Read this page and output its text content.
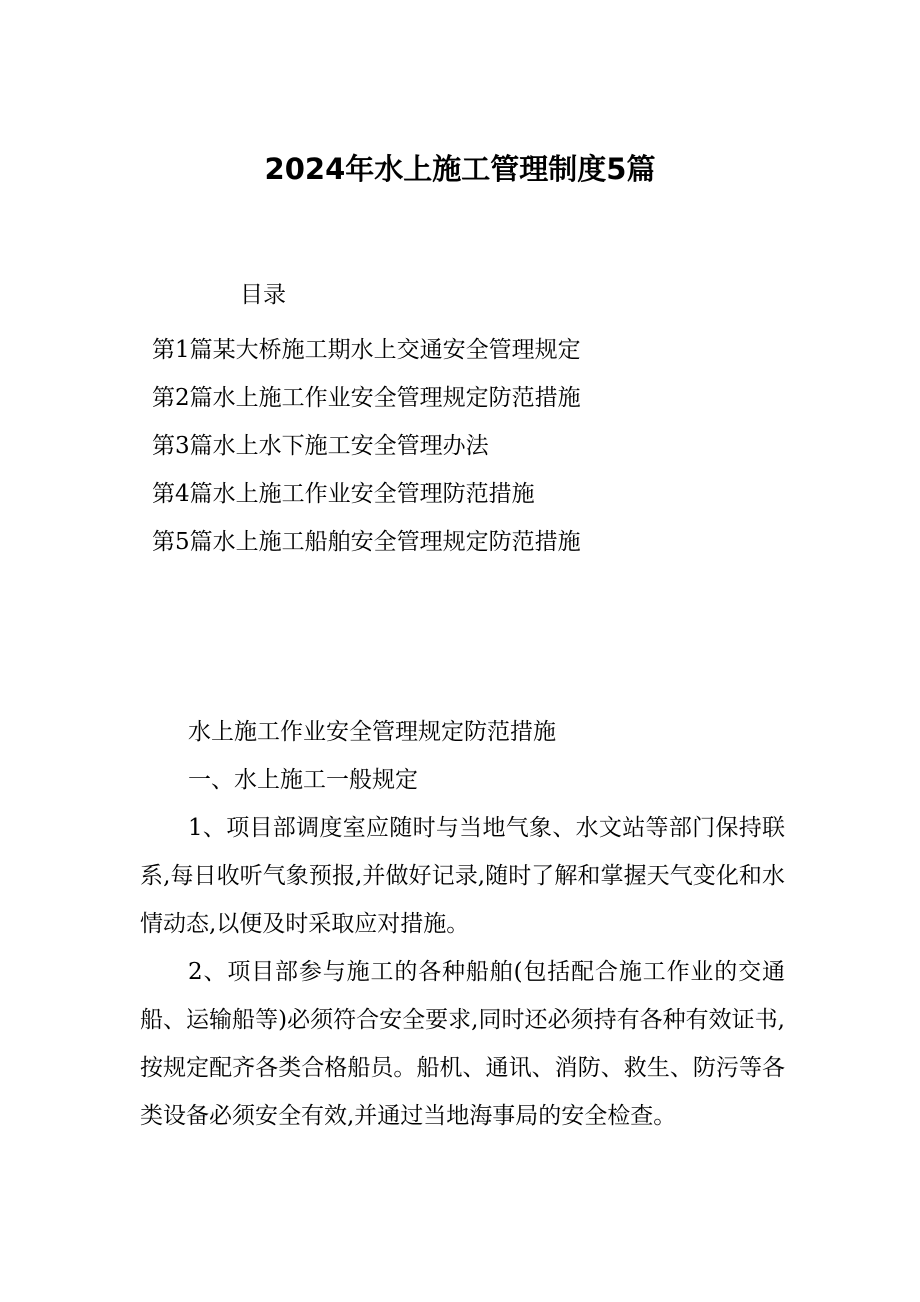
2024年水上施工管理制度5篇
目录
第1篇某大桥施工期水上交通安全管理规定
第2篇水上施工作业安全管理规定防范措施
第3篇水上水下施工安全管理办法
第4篇水上施工作业安全管理防范措施
第5篇水上施工船舶安全管理规定防范措施
水上施工作业安全管理规定防范措施
一、水上施工一般规定

1、项目部调度室应随时与当地气象、水文站等部门保持联系,每日收听气象预报,并做好记录,随时了解和掌握天气变化和水情动态,以便及时采取应对措施。

2、项目部参与施工的各种船舶(包括配合施工作业的交通船、运输船等)必须符合安全要求,同时还必须持有各种有效证书,按规定配齐各类合格船员。船机、通讯、消防、救生、防污等各类设备必须安全有效,并通过当地海事局的安全检查。
